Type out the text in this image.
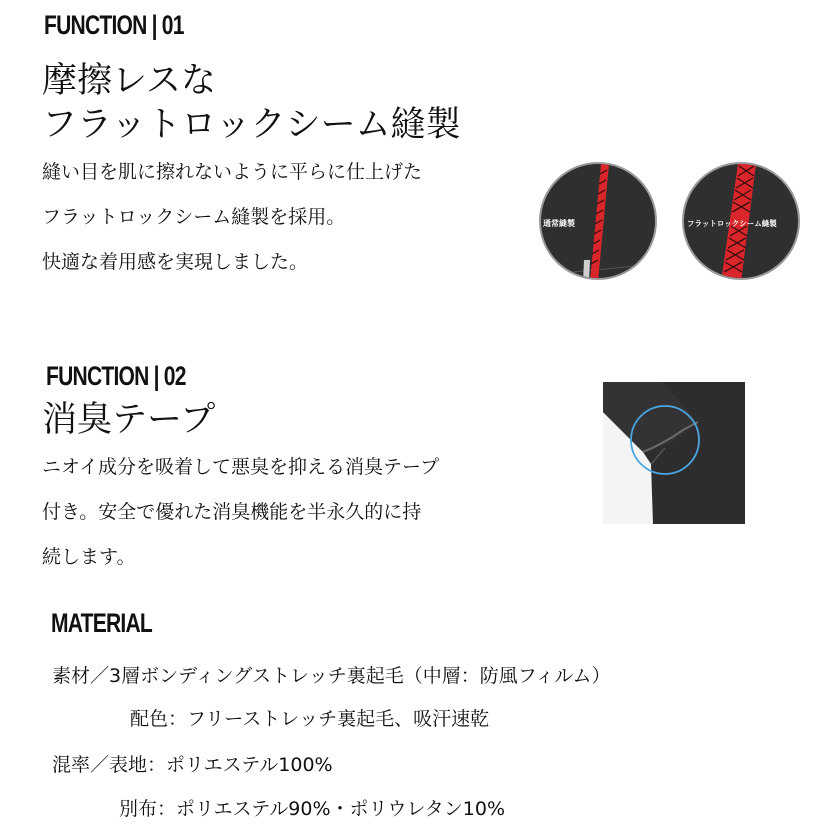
FUNCTION | 01
摩擦レスな
フラットロックシーム縫製
縫い目を肌に擦れないように平らに仕上げた
フラットロックシーム縫製を採用。
快適な着用感を実現しました。
通常縫製	フラットロックシーム縫製
FUNCTION | 02
消臭テープ
ニオイ成分を吸着して悪臭を抑える消臭テープ
付き。安全で優れた消臭機能を半永久的に持
続します。
MATERIAL
素材／3層ボンディングストレッチ裏起毛（中層：防風フィルム）
配色：フリーストレッチ裏起毛、吸汗速乾
混率／表地：ポリエステル100%
別布：ポリエステル90%・ポリウレタン10%
